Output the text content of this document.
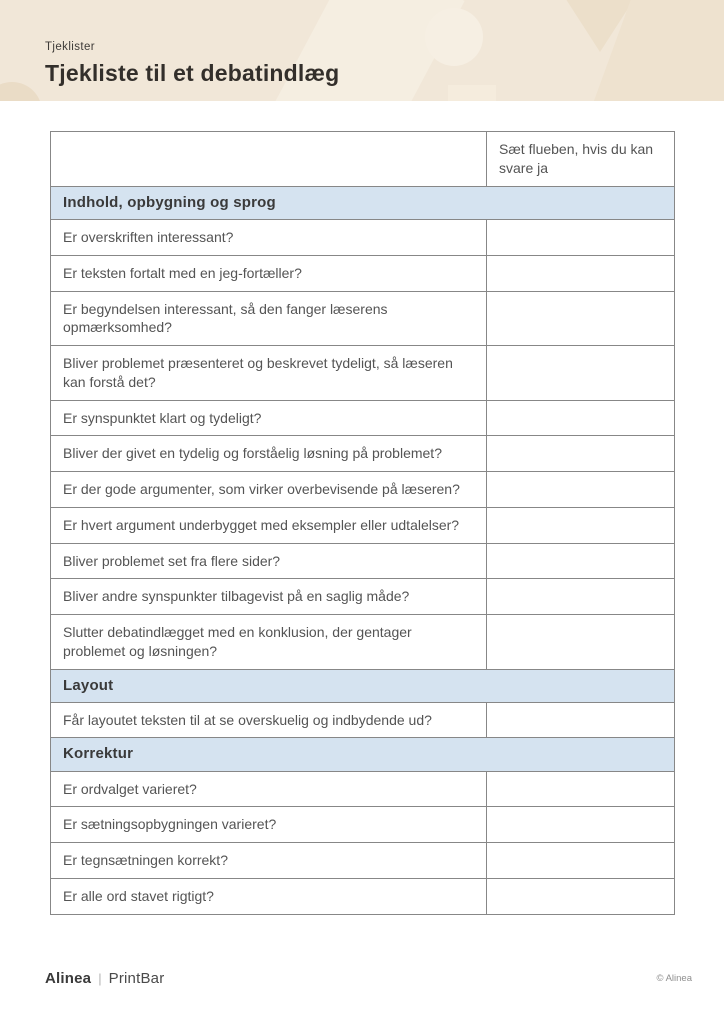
Tjeklister
Tjekliste til et debatindlæg
	Sæt flueben, hvis du kan svare ja
Indhold, opbygning og sprog	
Er overskriften interessant?	
Er teksten fortalt med en jeg-fortæller?	
Er begyndelsen interessant, så den fanger læserens opmærksomhed?	
Bliver problemet præsenteret og beskrevet tydeligt, så læseren kan forstå det?	
Er synspunktet klart og tydeligt?	
Bliver der givet en tydelig og forståelig løsning på problemet?	
Er der gode argumenter, som virker overbevisende på læseren?	
Er hvert argument underbygget med eksempler eller udtalelser?	
Bliver problemet set fra flere sider?	
Bliver andre synspunkter tilbagevist på en saglig måde?	
Slutter debatindlægget med en konklusion, der gentager problemet og løsningen?	
Layout	
Får layoutet teksten til at se overskuelig og indbydende ud?	
Korrektur	
Er ordvalget varieret?	
Er sætningsopbygningen varieret?	
Er tegnsætningen korrekt?	
Er alle ord stavet rigtigt?	
Alinea | PrintBar	© Alinea
